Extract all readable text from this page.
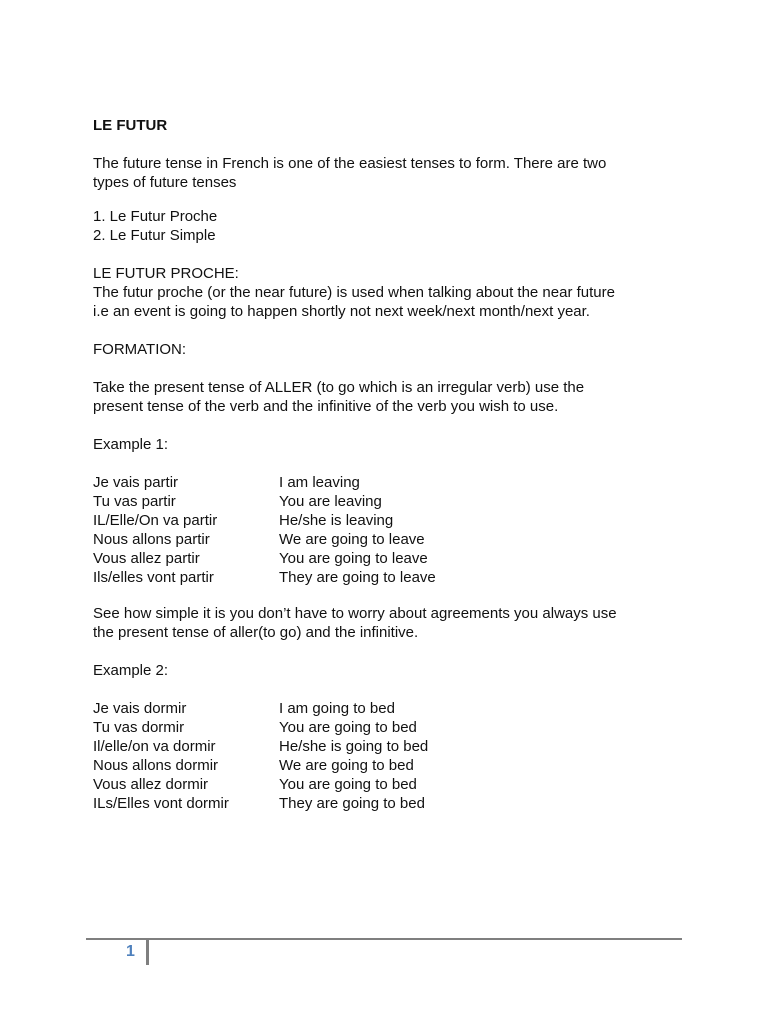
LE FUTUR

The future tense in French is one of the easiest tenses to form. There are two

types of future tenses

1. Le Futur Proche

2. Le Futur Simple

LE FUTUR PROCHE:

The futur proche (or the near future) is used when talking about the near future

i.e an event is going to happen shortly not next week/next month/next year.

FORMATION:

Take the present tense of ALLER (to go which is an irregular verb) use the

present tense of the verb and the infinitive of the verb you wish to use.

Example 1:

Je vais partir	I am leaving
Tu vas partir	You are leaving
IL/Elle/On va partir	He/she is leaving
Nous allons partir	We are going to leave
Vous allez partir	You are going to leave
Ils/elles vont partir	They are going to leave

See how simple it is you don’t have to worry about agreements you always use

the present tense of aller(to go) and the infinitive.

Example 2:

Je vais dormir	I am going to bed
Tu vas dormir	You are going to bed
Il/elle/on va dormir	He/she is going to bed
Nous allons dormir	We are going to bed
Vous allez dormir	You are going to bed
ILs/Elles vont dormir	They are going to bed
1
